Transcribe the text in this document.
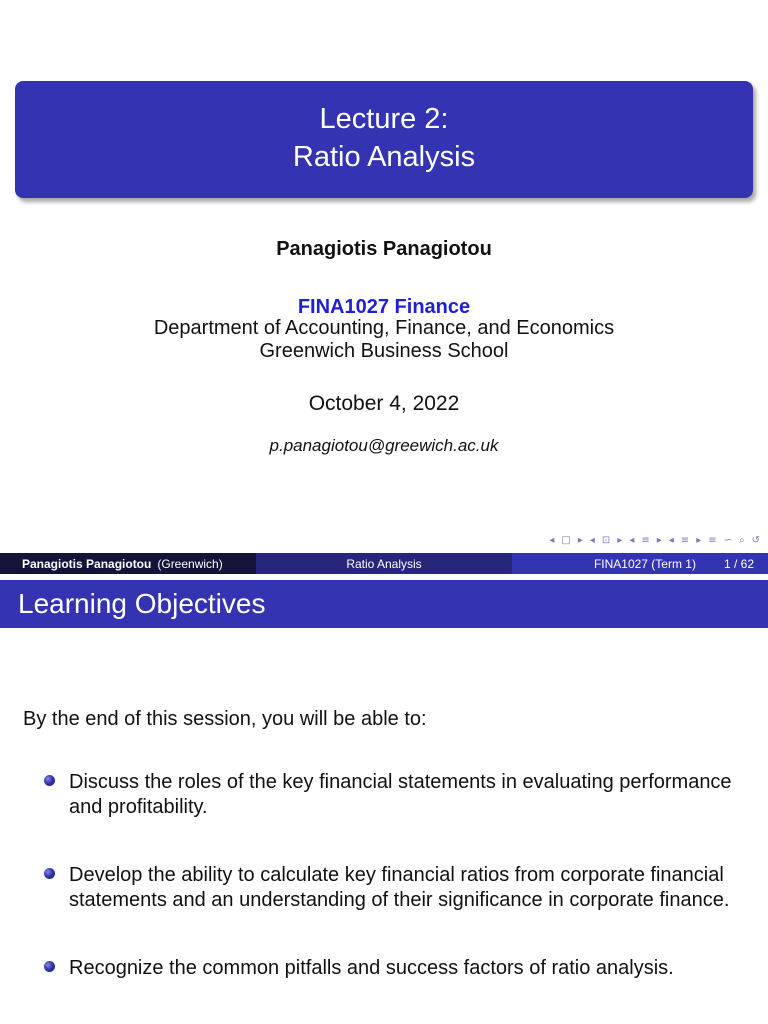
Lecture 2:
Ratio Analysis
Panagiotis Panagiotou
FINA1027 Finance
Department of Accounting, Finance, and Economics
Greenwich Business School
October 4, 2022
p.panagiotou@greewich.ac.uk
◂ □ ▸ ◂ ⊡ ▸ ◂ ≡ ▸ ◂ ≡ ▸ ≡ ∽ ⌕ ↺
Panagiotis Panagiotou (Greenwich)	Ratio Analysis	FINA1027 (Term 1) 1 / 62
Learning Objectives
By the end of this session, you will be able to:
Discuss the roles of the key financial statements in evaluating performance and profitability.
Develop the ability to calculate key financial ratios from corporate financial statements and an understanding of their significance in corporate finance.
Recognize the common pitfalls and success factors of ratio analysis.
